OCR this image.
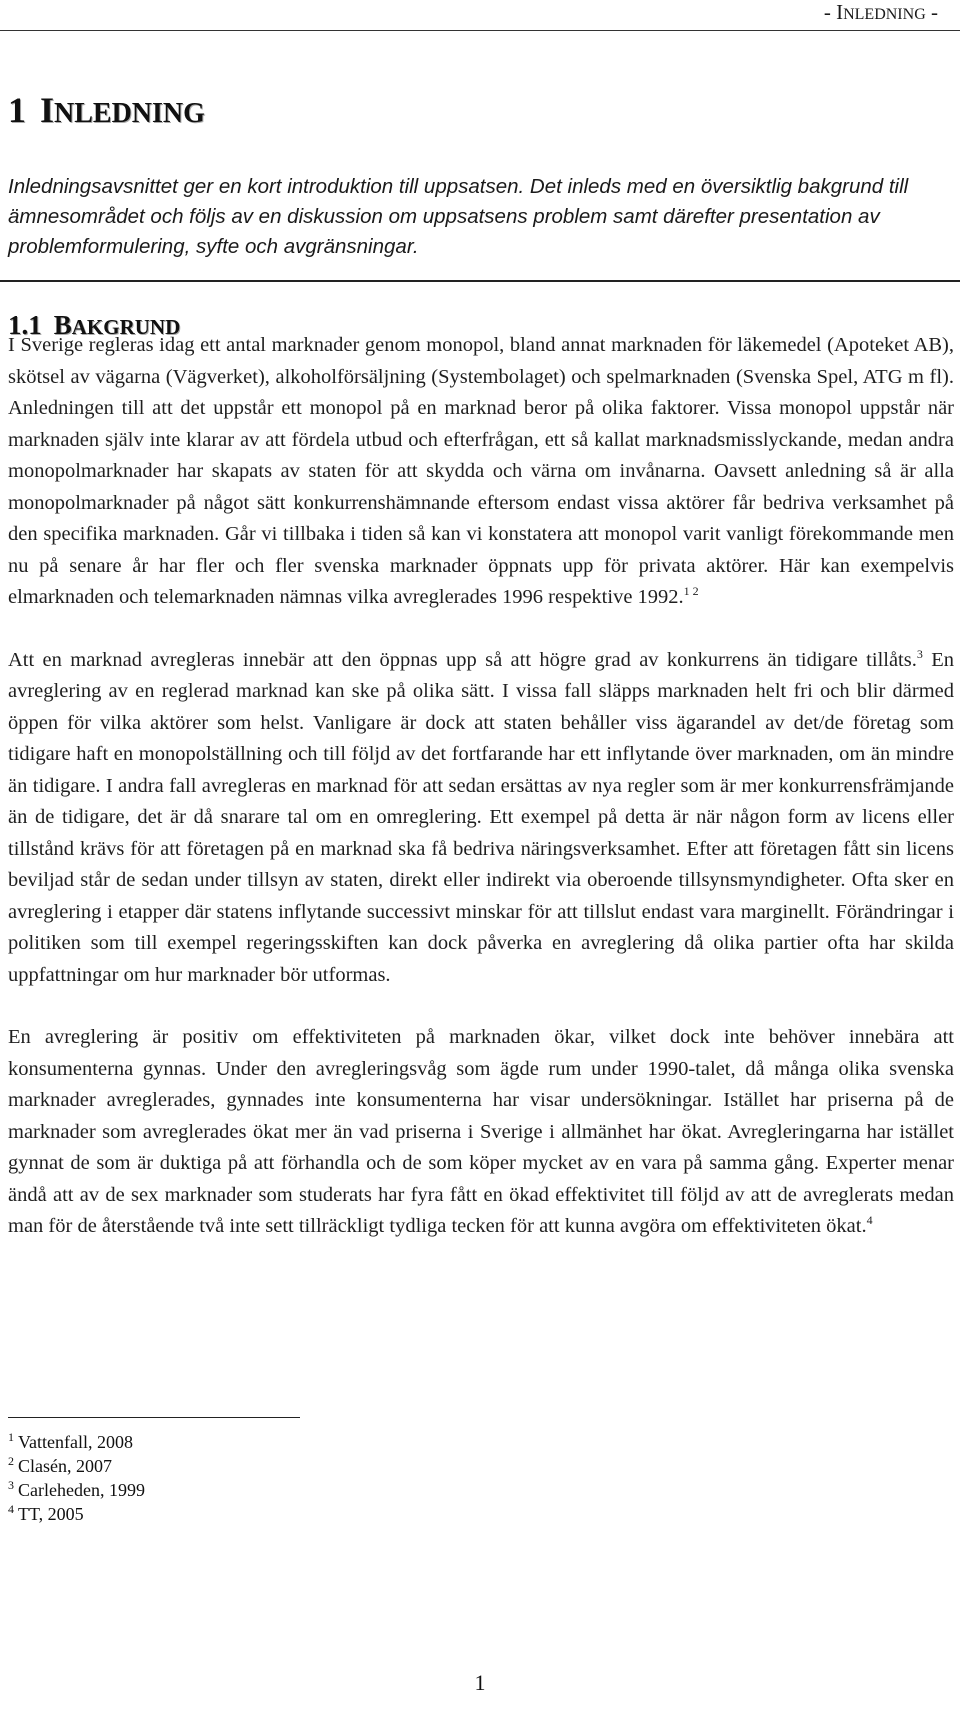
- INLEDNING -
1 INLEDNING
Inledningsavsnittet ger en kort introduktion till uppsatsen. Det inleds med en översiktlig bakgrund till ämnesområdet och följs av en diskussion om uppsatsens problem samt därefter presentation av problemformulering, syfte och avgränsningar.
1.1 BAKGRUND

I Sverige regleras idag ett antal marknader genom monopol, bland annat marknaden för läkemedel (Apoteket AB), skötsel av vägarna (Vägverket), alkoholförsäljning (Systembolaget) och spelmarknaden (Svenska Spel, ATG m fl). Anledningen till att det uppstår ett monopol på en marknad beror på olika faktorer. Vissa monopol uppstår när marknaden själv inte klarar av att fördela utbud och efterfrågan, ett så kallat marknadsmisslyckande, medan andra monopolmarknader har skapats av staten för att skydda och värna om invånarna. Oavsett anledning så är alla monopolmarknader på något sätt konkurrenshämnande eftersom endast vissa aktörer får bedriva verksamhet på den specifika marknaden. Går vi tillbaka i tiden så kan vi konstatera att monopol varit vanligt förekommande men nu på senare år har fler och fler svenska marknader öppnats upp för privata aktörer. Här kan exempelvis elmarknaden och telemarknaden nämnas vilka avreglerades 1996 respektive 1992.$^{1 2}$

Att en marknad avregleras innebär att den öppnas upp så att högre grad av konkurrens än tidigare tillåts.$^3$ En avreglering av en reglerad marknad kan ske på olika sätt. I vissa fall släpps marknaden helt fri och blir därmed öppen för vilka aktörer som helst. Vanligare är dock att staten behåller viss ägarandel av det/de företag som tidigare haft en monopolställning och till följd av det fortfarande har ett inflytande över marknaden, om än mindre än tidigare. I andra fall avregleras en marknad för att sedan ersättas av nya regler som är mer konkurrensfrämjande än de tidigare, det är då snarare tal om en omreglering. Ett exempel på detta är när någon form av licens eller tillstånd krävs för att företagen på en marknad ska få bedriva näringsverksamhet. Efter att företagen fått sin licens beviljad står de sedan under tillsyn av staten, direkt eller indirekt via oberoende tillsynsmyndigheter. Ofta sker en avreglering i etapper där statens inflytande successivt minskar för att tillslut endast vara marginellt. Förändringar i politiken som till exempel regeringsskiften kan dock påverka en avreglering då olika partier ofta har skilda uppfattningar om hur marknader bör utformas.

En avreglering är positiv om effektiviteten på marknaden ökar, vilket dock inte behöver innebära att konsumenterna gynnas. Under den avregleringsvåg som ägde rum under 1990-talet, då många olika svenska marknader avreglerades, gynnades inte konsumenterna har visar undersökningar. Istället har priserna på de marknader som avreglerades ökat mer än vad priserna i Sverige i allmänhet har ökat. Avregleringarna har istället gynnat de som är duktiga på att förhandla och de som köper mycket av en vara på samma gång. Experter menar ändå att av de sex marknader som studerats har fyra fått en ökad effektivitet till följd av att de avreglerats medan man för de återstående två inte sett tillräckligt tydliga tecken för att kunna avgöra om effektiviteten ökat.$^4$

$^1$ Vattenfall, 2008

$^2$ Clasén, 2007

$^3$ Carleheden, 1999

$^4$ TT, 2005

1
